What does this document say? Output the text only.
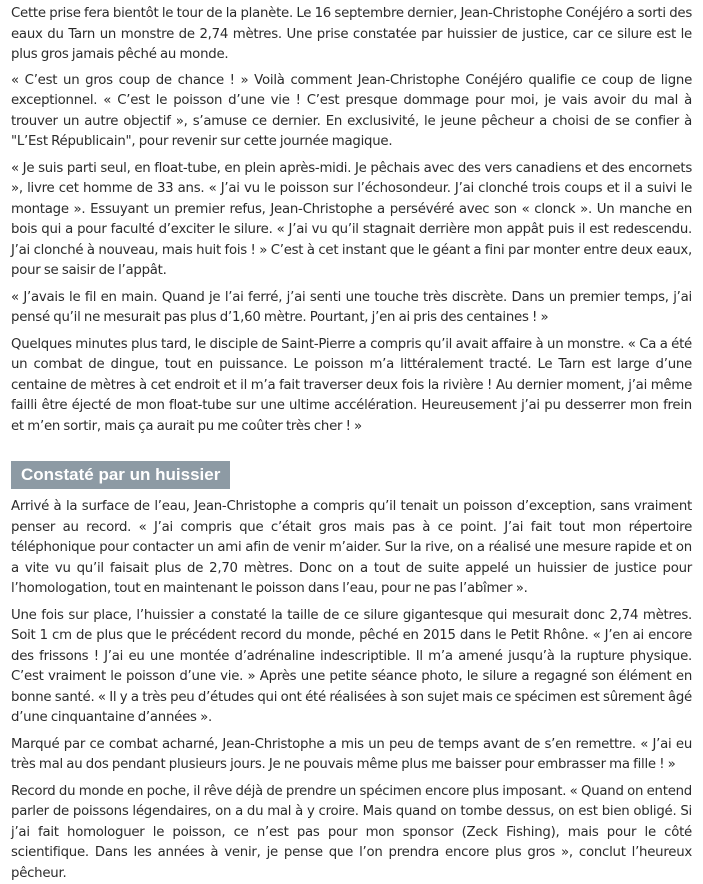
Cette prise fera bientôt le tour de la planète. Le 16 septembre dernier, Jean-Christophe Conéjéro a sorti des eaux du Tarn un monstre de 2,74 mètres. Une prise constatée par huissier de justice, car ce silure est le plus gros jamais pêché au monde.

« C’est un gros coup de chance ! » Voilà comment Jean-Christophe Conéjéro qualifie ce coup de ligne exceptionnel. « C’est le poisson d’une vie ! C’est presque dommage pour moi, je vais avoir du mal à trouver un autre objectif », s’amuse ce dernier. En exclusivité, le jeune pêcheur a choisi de se confier à "L’Est Républicain", pour revenir sur cette journée magique.

« Je suis parti seul, en float-tube, en plein après-midi. Je pêchais avec des vers canadiens et des encornets », livre cet homme de 33 ans. « J’ai vu le poisson sur l’échosondeur. J’ai clonché trois coups et il a suivi le montage ». Essuyant un premier refus, Jean-Christophe a persévéré avec son « clonck ». Un manche en bois qui a pour faculté d’exciter le silure. « J’ai vu qu’il stagnait derrière mon appât puis il est redescendu. J’ai clonché à nouveau, mais huit fois ! » C’est à cet instant que le géant a fini par monter entre deux eaux, pour se saisir de l’appât.

« J’avais le fil en main. Quand je l’ai ferré, j’ai senti une touche très discrète. Dans un premier temps, j’ai pensé qu’il ne mesurait pas plus d’1,60 mètre. Pourtant, j’en ai pris des centaines ! »

Quelques minutes plus tard, le disciple de Saint-Pierre a compris qu’il avait affaire à un monstre. « Ca a été un combat de dingue, tout en puissance. Le poisson m’a littéralement tracté. Le Tarn est large d’une centaine de mètres à cet endroit et il m’a fait traverser deux fois la rivière ! Au dernier moment, j’ai même failli être éjecté de mon float-tube sur une ultime accélération. Heureusement j’ai pu desserrer mon frein et m’en sortir, mais ça aurait pu me coûter très cher ! »

Constaté par un huissier

Arrivé à la surface de l’eau, Jean-Christophe a compris qu’il tenait un poisson d’exception, sans vraiment penser au record. « J’ai compris que c’était gros mais pas à ce point. J’ai fait tout mon répertoire téléphonique pour contacter un ami afin de venir m’aider. Sur la rive, on a réalisé une mesure rapide et on a vite vu qu’il faisait plus de 2,70 mètres. Donc on a tout de suite appelé un huissier de justice pour l’homologation, tout en maintenant le poisson dans l’eau, pour ne pas l’abîmer ».

Une fois sur place, l’huissier a constaté la taille de ce silure gigantesque qui mesurait donc 2,74 mètres. Soit 1 cm de plus que le précédent record du monde, pêché en 2015 dans le Petit Rhône. « J’en ai encore des frissons ! J’ai eu une montée d’adrénaline indescriptible. Il m’a amené jusqu’à la rupture physique. C’est vraiment le poisson d’une vie. » Après une petite séance photo, le silure a regagné son élément en bonne santé. « Il y a très peu d’études qui ont été réalisées à son sujet mais ce spécimen est sûrement âgé d’une cinquantaine d’années ».

Marqué par ce combat acharné, Jean-Christophe a mis un peu de temps avant de s’en remettre. « J’ai eu très mal au dos pendant plusieurs jours. Je ne pouvais même plus me baisser pour embrasser ma fille ! »

Record du monde en poche, il rêve déjà de prendre un spécimen encore plus imposant. « Quand on entend parler de poissons légendaires, on a du mal à y croire. Mais quand on tombe dessus, on est bien obligé. Si j’ai fait homologuer le poisson, ce n’est pas pour mon sponsor (Zeck Fishing), mais pour le côté scientifique. Dans les années à venir, je pense que l’on prendra encore plus gros », conclut l’heureux pêcheur.
